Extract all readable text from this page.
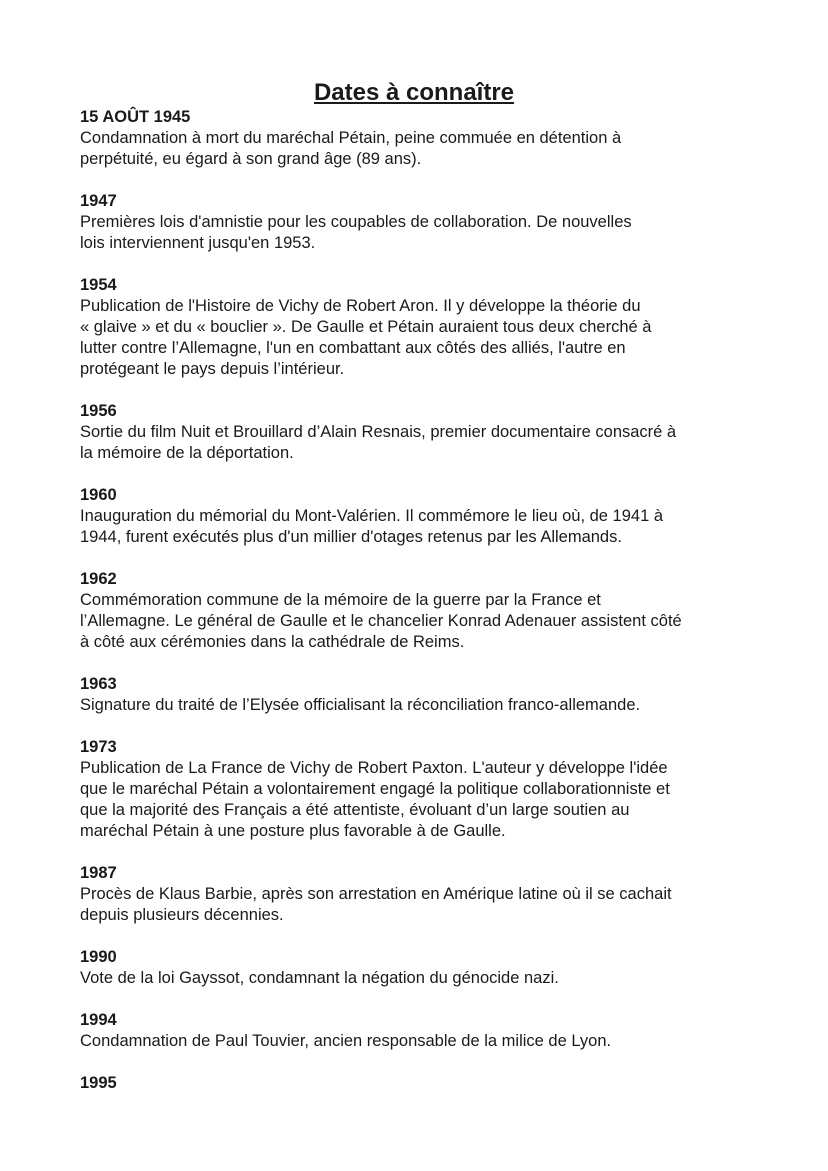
Dates à connaître
15 AOÛT 1945
Condamnation à mort du maréchal Pétain, peine commuée en détention à
perpétuité, eu égard à son grand âge (89 ans).
1947
Premières lois d'amnistie pour les coupables de collaboration. De nouvelles
lois interviennent jusqu'en 1953.
1954
Publication de l'Histoire de Vichy de Robert Aron. Il y développe la théorie du
« glaive » et du « bouclier ». De Gaulle et Pétain auraient tous deux cherché à
lutter contre l’Allemagne, l'un en combattant aux côtés des alliés, l'autre en
protégeant le pays depuis l’intérieur.
1956
Sortie du film Nuit et Brouillard d’Alain Resnais, premier documentaire consacré à
la mémoire de la déportation.
1960
Inauguration du mémorial du Mont-Valérien. Il commémore le lieu où, de 1941 à
1944, furent exécutés plus d'un millier d'otages retenus par les Allemands.
1962
Commémoration commune de la mémoire de la guerre par la France et
l’Allemagne. Le général de Gaulle et le chancelier Konrad Adenauer assistent côté
à côté aux cérémonies dans la cathédrale de Reims.
1963
Signature du traité de l’Elysée officialisant la réconciliation franco-allemande.
1973
Publication de La France de Vichy de Robert Paxton. L'auteur y développe l'idée
que le maréchal Pétain a volontairement engagé la politique collaborationniste et
que la majorité des Français a été attentiste, évoluant d’un large soutien au
maréchal Pétain à une posture plus favorable à de Gaulle.
1987
Procès de Klaus Barbie, après son arrestation en Amérique latine où il se cachait
depuis plusieurs décennies.
1990
Vote de la loi Gayssot, condamnant la négation du génocide nazi.
1994
Condamnation de Paul Touvier, ancien responsable de la milice de Lyon.
1995
